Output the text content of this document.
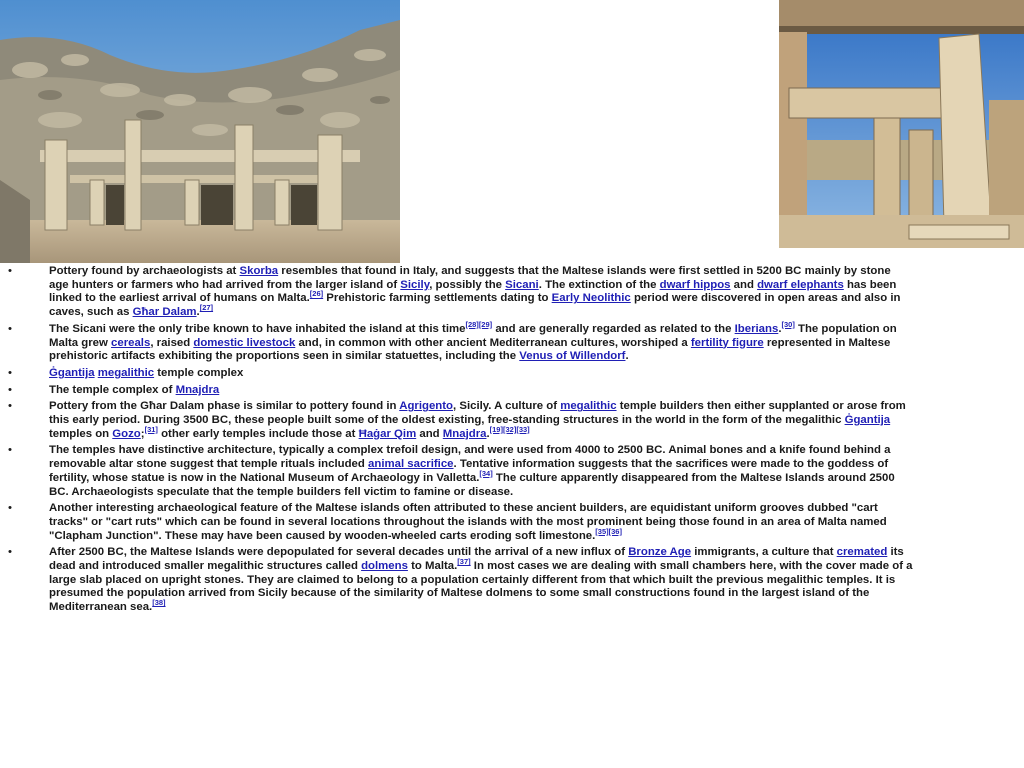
•	Pottery found by archaeologists at Skorba resembles that found in Italy, and suggests that the Maltese islands were first settled in 5200 BC mainly by stone age hunters or farmers who had arrived from the larger island of Sicily, possibly the Sicani. The extinction of the dwarf hippos and dwarf elephants has been linked to the earliest arrival of humans on Malta.[26] Prehistoric farming settlements dating to Early Neolithic period were discovered in open areas and also in caves, such as Għar Dalam.[27]
•	The Sicani were the only tribe known to have inhabited the island at this time[28][29] and are generally regarded as related to the Iberians.[30] The population on Malta grew cereals, raised domestic livestock and, in common with other ancient Mediterranean cultures, worshiped a fertility figure represented in Maltese prehistoric artifacts exhibiting the proportions seen in similar statuettes, including the Venus of Willendorf.
•	Ġgantija megalithic temple complex
•	The temple complex of Mnajdra
•	Pottery from the Għar Dalam phase is similar to pottery found in Agrigento, Sicily. A culture of megalithic temple builders then either supplanted or arose from this early period. During 3500 BC, these people built some of the oldest existing, free-standing structures in the world in the form of the megalithic Ġgantija temples on Gozo;[31] other early temples include those at Ħaġar Qim and Mnajdra.[19][32][33]
•	The temples have distinctive architecture, typically a complex trefoil design, and were used from 4000 to 2500 BC. Animal bones and a knife found behind a removable altar stone suggest that temple rituals included animal sacrifice. Tentative information suggests that the sacrifices were made to the goddess of fertility, whose statue is now in the National Museum of Archaeology in Valletta.[34] The culture apparently disappeared from the Maltese Islands around 2500 BC. Archaeologists speculate that the temple builders fell victim to famine or disease.
•	Another interesting archaeological feature of the Maltese islands often attributed to these ancient builders, are equidistant uniform grooves dubbed "cart tracks" or "cart ruts" which can be found in several locations throughout the islands with the most prominent being those found in an area of Malta named "Clapham Junction". These may have been caused by wooden-wheeled carts eroding soft limestone.[35][36]
•	After 2500 BC, the Maltese Islands were depopulated for several decades until the arrival of a new influx of Bronze Age immigrants, a culture that cremated its dead and introduced smaller megalithic structures called dolmens to Malta.[37] In most cases we are dealing with small chambers here, with the cover made of a large slab placed on upright stones. They are claimed to belong to a population certainly different from that which built the previous megalithic temples. It is presumed the population arrived from Sicily because of the similarity of Maltese dolmens to some small constructions found in the largest island of the Mediterranean sea.[38]
